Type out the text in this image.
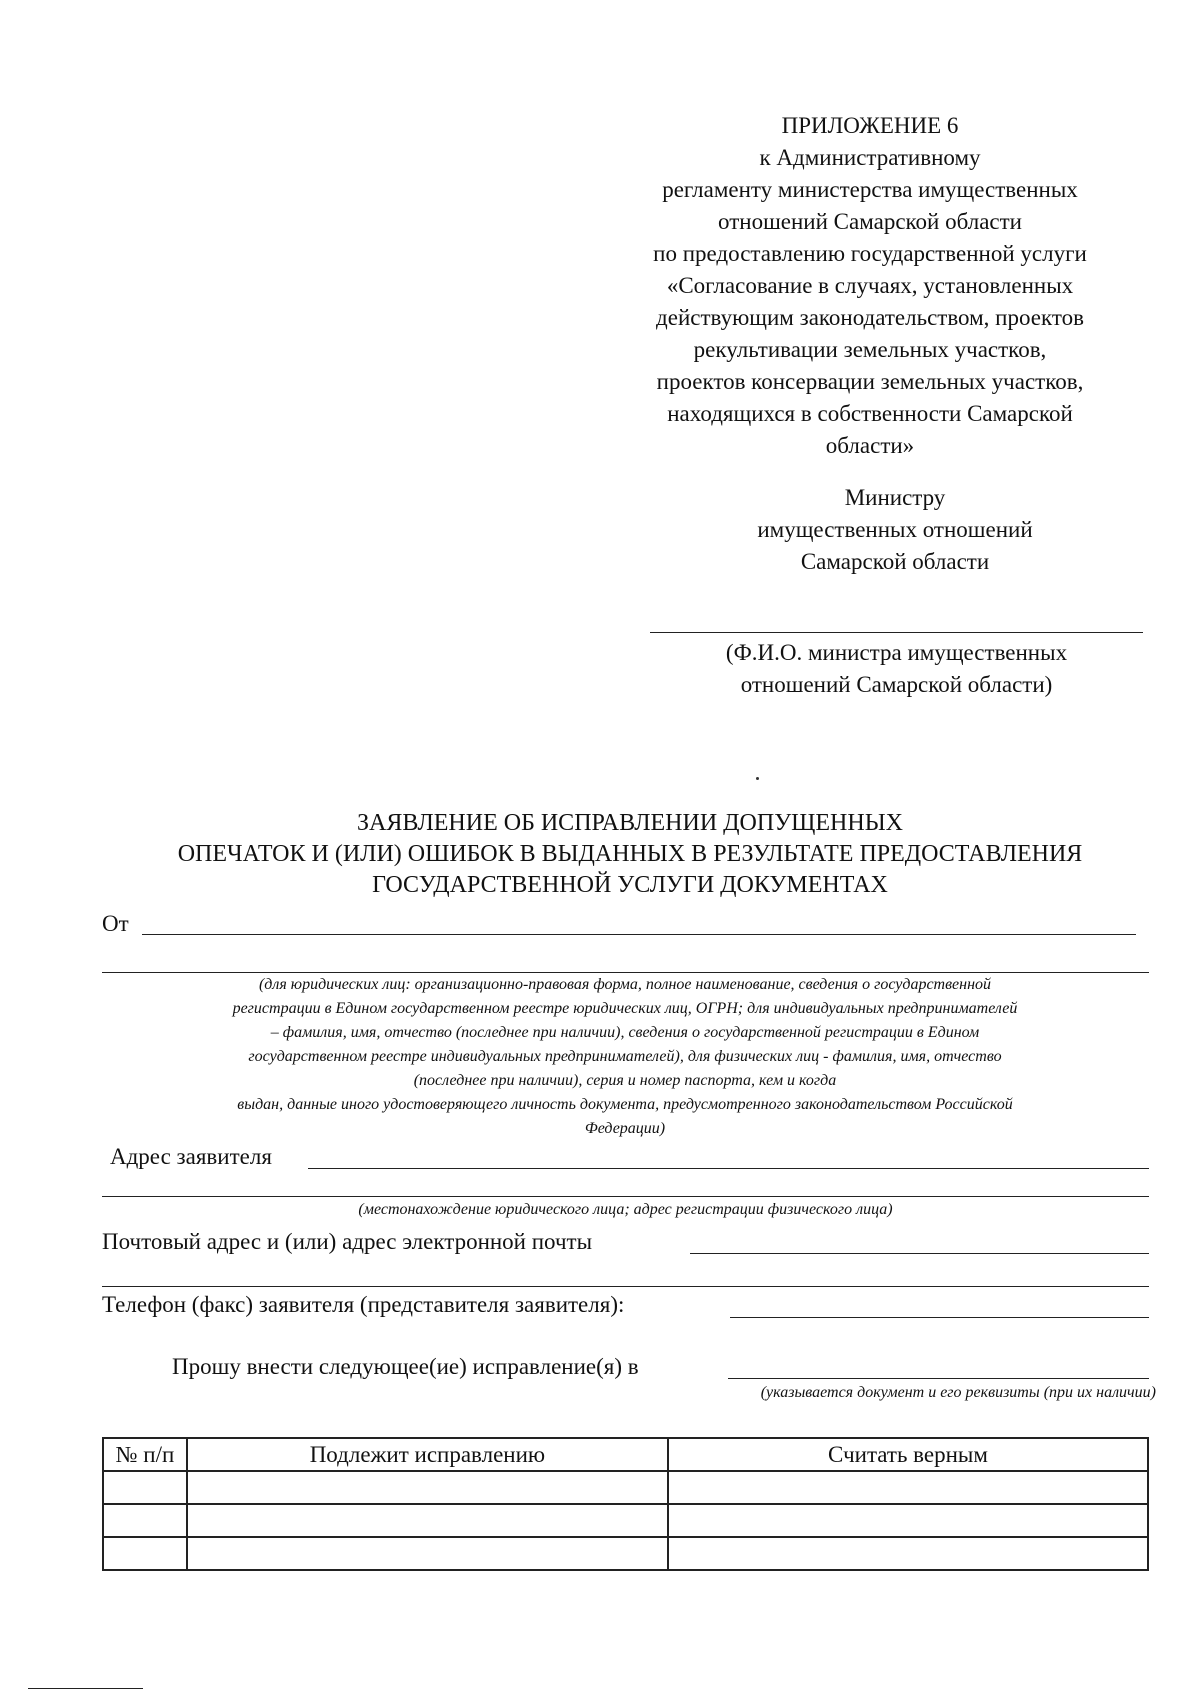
ПРИЛОЖЕНИЕ 6
к Административному
регламенту министерства имущественных
отношений Самарской области
по предоставлению государственной услуги
«Согласование в случаях, установленных
действующим законодательством, проектов
рекультивации земельных участков,
проектов консервации земельных участков,
находящихся в собственности Самарской
области»
Министру
имущественных отношений
Самарской области
(Ф.И.О. министра имущественных
отношений Самарской области)
ЗАЯВЛЕНИЕ ОБ ИСПРАВЛЕНИИ ДОПУЩЕННЫХ
ОПЕЧАТОК И (ИЛИ) ОШИБОК В ВЫДАННЫХ В РЕЗУЛЬТАТЕ ПРЕДОСТАВЛЕНИЯ
ГОСУДАРСТВЕННОЙ УСЛУГИ ДОКУМЕНТАХ
От
(для юридических лиц: организационно-правовая форма, полное наименование, сведения о государственной
регистрации в Едином государственном реестре юридических лиц, ОГРН; для индивидуальных предпринимателей
– фамилия, имя, отчество (последнее при наличии), сведения о государственной регистрации в Едином
государственном реестре индивидуальных предпринимателей), для физических лиц - фамилия, имя, отчество
(последнее при наличии), серия и номер паспорта, кем и когда
выдан, данные иного удостоверяющего личность документа, предусмотренного законодательством Российской
Федерации)
Адрес заявителя
(местонахождение юридического лица; адрес регистрации физического лица)
Почтовый адрес и (или) адрес электронной почты
Телефон (факс) заявителя (представителя заявителя):
Прошу внести следующее(ие) исправление(я) в
(указывается документ и его реквизиты (при их наличии)
№ п/п	Подлежит исправлению	Считать верным
